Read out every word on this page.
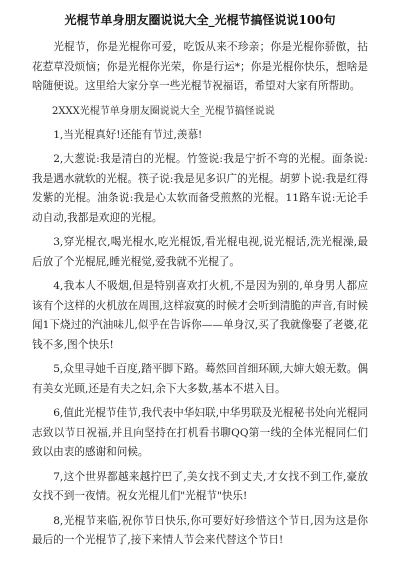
光棍节单身朋友圈说说大全_光棍节搞怪说说100句

光棍节，你是光棍你可爱，吃饭从来不珍亲；你是光棍你骄傲，拈花惹草没烦恼；你是光棍你光荣，你是行运*；你是光棍你快乐，想啥是啥随便说。这里给大家分享一些光棍节祝福语，希望对大家有所帮助。

2XXX光棍节单身朋友圈说说大全_光棍节搞怪说说

1,当光棍真好!还能有节过,羡慕!

2,大葱说:我是清白的光棍。竹签说:我是宁折不弯的光棍。面条说:我是遇水就软的光棍。筷子说:我是见多识广的光棍。胡萝卜说:我是红得发紫的光棍。油条说:我是心太软而备受煎熬的光棍。11路车说:无论手动自动,我都是欢迎的光棍。

3,穿光棍衣,喝光棍水,吃光棍饭,看光棍电视,说光棍话,洗光棍澡,最后放了个光棍屁,睡光棍觉,爱我就不光棍了。

4,我本人不吸烟,但是特别喜欢打火机,不是因为别的,单身男人都应该有个这样的火机放在周围,这样寂寞的时候才会听到清脆的声音,有时候闻1下烧过的汽油味儿,似乎在告诉你——单身汉,买了我就像娶了老婆,花钱不多,图个快乐!

5,众里寻她千百度,踏平脚下路。蓦然回首细环顾,大婶大娘无数。偶有美女光顾,还是有夫之妇,余下大多数,基本不堪入目。

6,值此光棍节佳节,我代表中华妇联,中华男联及光棍秘书处向光棍同志致以节日祝福,并且向坚持在打机看书聊QQ第一线的全体光棍同仁们致以由衷的感谢和问候。

7,这个世界都越来越拧巴了,美女找不到丈夫,才女找不到工作,豪放女找不到一夜情。祝女光棍儿们"光棍节"快乐!

8,光棍节来临,祝你节日快乐,你可要好好珍惜这个节日,因为这是你最后的一个光棍节了,接下来情人节会来代替这个节日!
